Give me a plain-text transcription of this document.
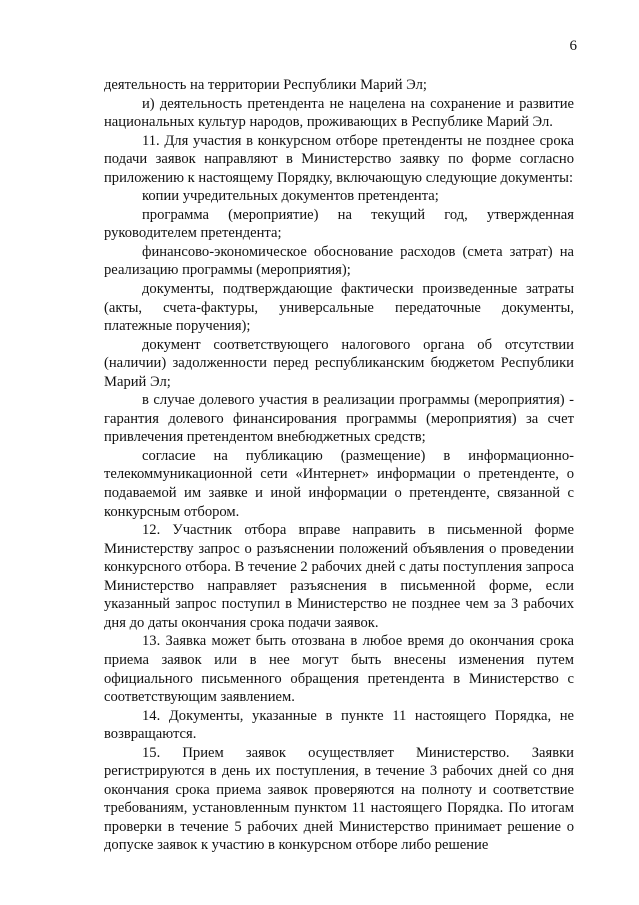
6

деятельность на территории Республики Марий Эл;

и) деятельность претендента не нацелена на сохранение и развитие национальных культур народов, проживающих в Республике Марий Эл.

11. Для участия в конкурсном отборе претенденты не позднее срока подачи заявок направляют в Министерство заявку по форме согласно приложению к настоящему Порядку, включающую следующие документы:

копии учредительных документов претендента;

программа (мероприятие) на текущий год, утвержденная руководителем претендента;

финансово-экономическое обоснование расходов (смета затрат) на реализацию программы (мероприятия);

документы, подтверждающие фактически произведенные затраты (акты, счета-фактуры, универсальные передаточные документы, платежные поручения);

документ соответствующего налогового органа об отсутствии (наличии) задолженности перед республиканским бюджетом Республики Марий Эл;

в случае долевого участия в реализации программы (мероприятия) - гарантия долевого финансирования программы (мероприятия) за счет привлечения претендентом внебюджетных средств;

согласие на публикацию (размещение) в информационно-телекоммуникационной сети «Интернет» информации о претенденте, о подаваемой им заявке и иной информации о претенденте, связанной с конкурсным отбором.

12. Участник отбора вправе направить в письменной форме Министерству запрос о разъяснении положений объявления о проведении конкурсного отбора. В течение 2 рабочих дней с даты поступления запроса Министерство направляет разъяснения в письменной форме, если указанный запрос поступил в Министерство не позднее чем за 3 рабочих дня до даты окончания срока подачи заявок.

13. Заявка может быть отозвана в любое время до окончания срока приема заявок или в нее могут быть внесены изменения путем официального письменного обращения претендента в Министерство с соответствующим заявлением.

14. Документы, указанные в пункте 11 настоящего Порядка, не возвращаются.

15. Прием заявок осуществляет Министерство. Заявки регистрируются в день их поступления, в течение 3 рабочих дней со дня окончания срока приема заявок проверяются на полноту и соответствие требованиям, установленным пунктом 11 настоящего Порядка. По итогам проверки в течение 5 рабочих дней Министерство принимает решение о допуске заявок к участию в конкурсном отборе либо решение
